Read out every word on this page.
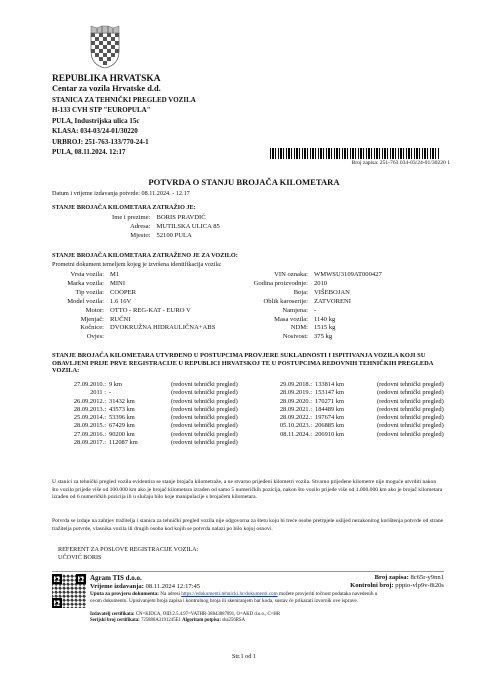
REPUBLIKA HRVATSKA

Centar za vozila Hrvatske d.d.

STANICA ZA TEHNIČKI PREGLED VOZILA

H-133 CVH STP "EUROPULA"

PULA, Industrijska ulica 15c

KLASA: 034-03/24-01/30220

URBROJ: 251-763-133/770-24-1

PULA, 08.11.2024. 12:17

Broj zapisa: 251-763 034-03/24-01/30220 1
POTVRDA O STANJU BROJAČA KILOMETARA
Datum i vrijeme izdavanja potvrde: 08.11.2024. - 12.17
STANJE BROJAČA KILOMETARA ZATRAŽIO JE:
Ime i prezime:	BORIS PRAVDIĆ
Adresa:	MUTILSKA ULICA 85
Mjesto:	52100 PULA
STANJE BROJAČA KILOMETARA ZATRAŽENO JE ZA VOZILO:
Prometni dokument temeljem kojeg je izvršena identifikacija vozila:
Vrsta vozila:	M1
Marka vozila:	MINI
Tip vozila:	COOPER
Model vozila:	1.6 16V
Motor:	OTTO - REG-KAT - EURO V
Mjenjač:	RUČNI
Kočnice:	DVOKRUŽNA HIDRAULIČNA+ABS
Ovjes:	
VIN oznaka:	WMWSU3109AT000427
Godina proizvodnje:	2010
Boja:	VIŠEBOJAN
Oblik karoserije:	ZATVORENI
Namjena:	-
Masa vozila:	1140 kg
NDM:	1515 kg
Nosivost:	375 kg
STANJE BROJAČA KILOMETARA UTVRĐENO U POSTUPCIMA PROVJERE SUKLADNOSTI I ISPITIVANJA VOZILA KOJI SU OBAVLJENI PRIJE PRVE REGISTRACIJE U REPUBLICI HRVATSKOJ TE U POSTUPCIMA REDOVNIH TEHNIČKIH PREGLEDA VOZILA:
27.09.2010.:	9 km	(redovni tehnički pregled)
2011 :	-	(redovni tehnički pregled)
26.09.2012.:	31432 km	(redovni tehnički pregled)
28.09.2013.:	43573 km	(redovni tehnički pregled)
25.09.2014.:	53396 km	(redovni tehnički pregled)
28.09.2015.:	67429 km	(redovni tehnički pregled)
27.09.2016.:	90200 km	(redovni tehnički pregled)
28.09.2017.:	112087 km	(redovni tehnički pregled)
29.09.2018.:	133814 km	(redovni tehnički pregled)
28.09.2019.:	153147 km	(redovni tehnički pregled)
28.09.2020.:	170271 km	(redovni tehnički pregled)
28.09.2021.:	184489 km	(redovni tehnički pregled)
28.09.2022.:	197674 km	(redovni tehnički pregled)
05.10.2023.:	206885 km	(redovni tehnički pregled)
08.11.2024.:	206910 km	(redovni tehnički pregled)
U stanici za tehnički pregled vozila evidentira se stanje brojača kilometraže, a ne stvarno prijeđeni kilometri vozila. Stvarno prijeđene kilometre nije moguće utvrditi nakon što vozilo prijeđe više od 100.000 km ako je brojač kilometara izrađen od samo 5 numeričkih pozicija, nakon što vozilo prijeđe više od 1.000.000 km ako je brojač kilometara izrađen od 6 numeričkih pozicija ili u slučaju bilo koje manipulacije s brojačem kilometara.
Potvrda se izdaje na zahtjev tražitelja i stanica za tehnički pregled vozila nije odgovorna za štetu koju bi treće osobe pretrpjele uslijed nezakonitog korištenja potvrde od strane tražitelja potvrde, vlasnika vozila ili drugih osoba kod kojih se potvrda nalazi po bilo kojoj osnovi.
REFERENT ZA POSLOVE REGISTRACIJE VOZILA:
UČOVIĆ BORIS
Agram TIS d.o.o.
Vrijeme izdavanja: 08.11.2024 12:17:45
Broj zapisa: 8c65r-y9nn1
Kontrolni broj: pppio-vlp9v-8i20s
Uputa za provjeru dokumenta: Na adresi https://edokumenti.tehnicki.hr/dokumenti.com možete provjeriti točnost podataka navedenih u ovom dokumentu. Upisivanjem broja zapisa i kontrolnog broja ili skeniranjem bar koda, sustav će prikazati izvornik ove isprave.
Izdavatelj certifikata: CN=KIDCA, OID.2.5.4.97=VATHR-38843087891, O=AKD d.o.o., C=HR
Serijski broj certifikata: 725888A3191245E1 Algoritam potpisa: sha256RSA
Str.1 od 1
